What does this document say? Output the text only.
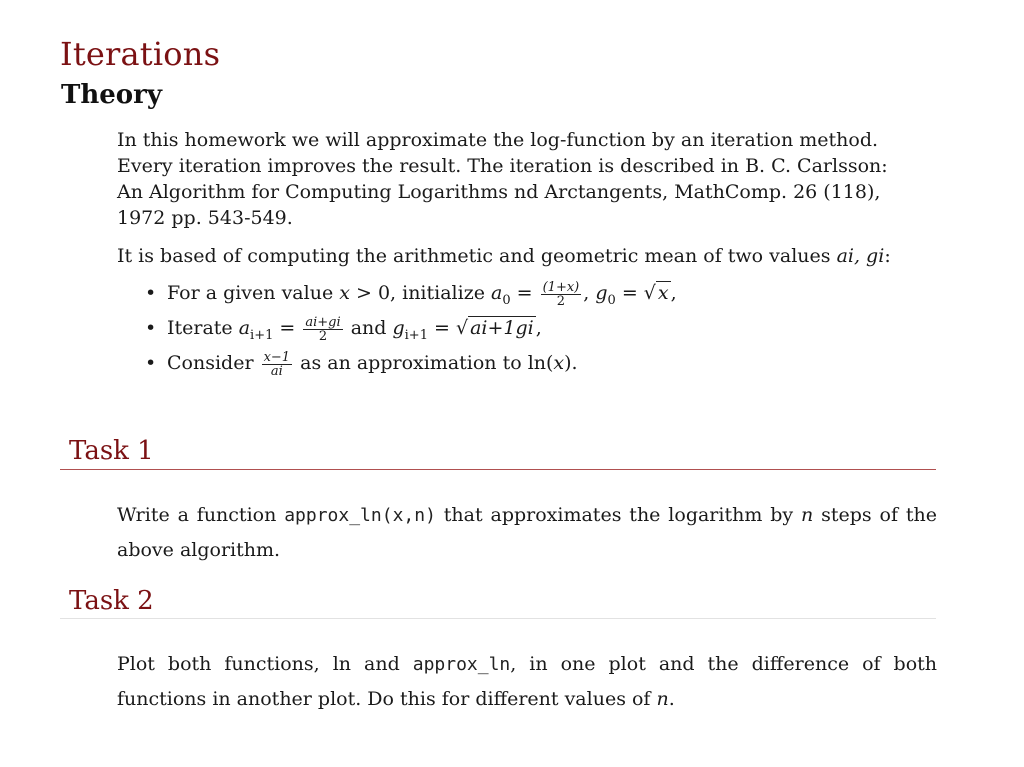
Iterations
Theory
In this homework we will approximate the log-function by an iteration method. Every iteration improves the result. The iteration is described in B. C. Carlsson: An Algorithm for Computing Logarithms nd Arctangents, MathComp. 26 (118), 1972 pp. 543-549.
It is based of computing the arithmetic and geometric mean of two values ai, gi:
• For a given value x > 0, initialize $a_0 = \frac{(1+x)}{2}$ , $g_0$ = √ x ,
• Iterate $a_{i+1} = \frac{ai+gi}{2}$ and $g_{i+1}$ = √ ai+1gi ,
• Consider $\frac{x-1}{ai}$ as an approximation to ln(x).
Task 1
Write a function approx_ln(x,n) that approximates the logarithm by n steps of the above algorithm.
Task 2
Plot both functions, ln and approx_ln, in one plot and the difference of both functions in another plot. Do this for different values of n.
